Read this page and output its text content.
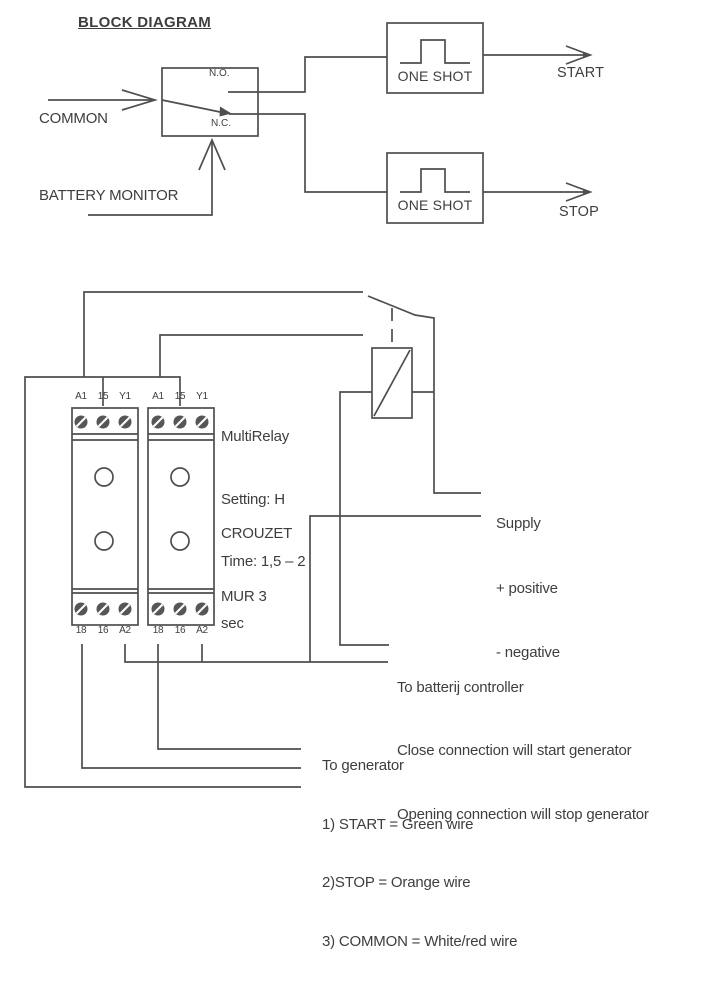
BLOCK DIAGRAM
N.O.
N.C.
COMMON
BATTERY MONITOR
ONE SHOT
ONE SHOT
START
STOP
A1	15	Y1
18	16	A2
A1	15	Y1
18	16	A2

MultiRelay

Setting: H

Time: 1,5 – 2

sec

CROUZET

MUR 3

Supply

+ positive

- negative

To batterij controller

Close connection will start generator

Opening connection will stop generator

To generator

1) START = Green wire

2)STOP = Orange wire

3) COMMON = White/red wire
